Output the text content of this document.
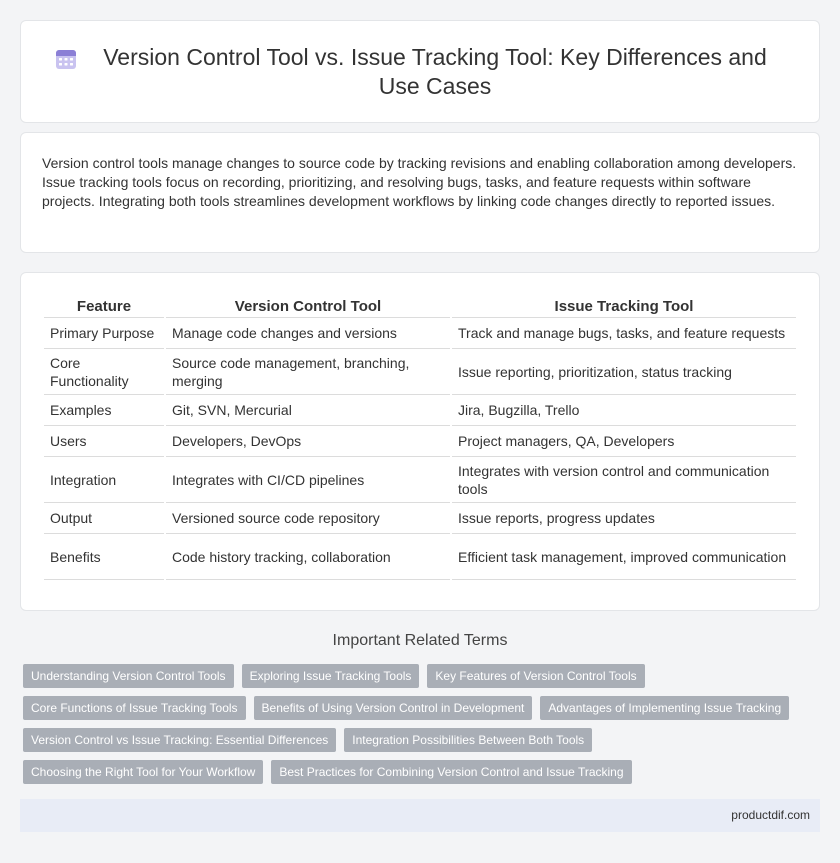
Version Control Tool vs. Issue Tracking Tool: Key Differences and Use Cases

Version control tools manage changes to source code by tracking revisions and enabling collaboration among developers. Issue tracking tools focus on recording, prioritizing, and resolving bugs, tasks, and feature requests within software projects. Integrating both tools streamlines development workflows by linking code changes directly to reported issues.

Feature	Version Control Tool	Issue Tracking Tool
Primary Purpose	Manage code changes and versions	Track and manage bugs, tasks, and feature requests
Core Functionality	Source code management, branching, merging	Issue reporting, prioritization, status tracking
Examples	Git, SVN, Mercurial	Jira, Bugzilla, Trello
Users	Developers, DevOps	Project managers, QA, Developers
Integration	Integrates with CI/CD pipelines	Integrates with version control and communication tools
Output	Versioned source code repository	Issue reports, progress updates
Benefits	Code history tracking, collaboration	Efficient task management, improved communication
Important Related Terms
Understanding Version Control Tools	Exploring Issue Tracking Tools	Key Features of Version Control Tools
Core Functions of Issue Tracking Tools	Benefits of Using Version Control in Development	Advantages of Implementing Issue Tracking
Version Control vs Issue Tracking: Essential Differences	Integration Possibilities Between Both Tools
Choosing the Right Tool for Your Workflow	Best Practices for Combining Version Control and Issue Tracking
productdif.com
